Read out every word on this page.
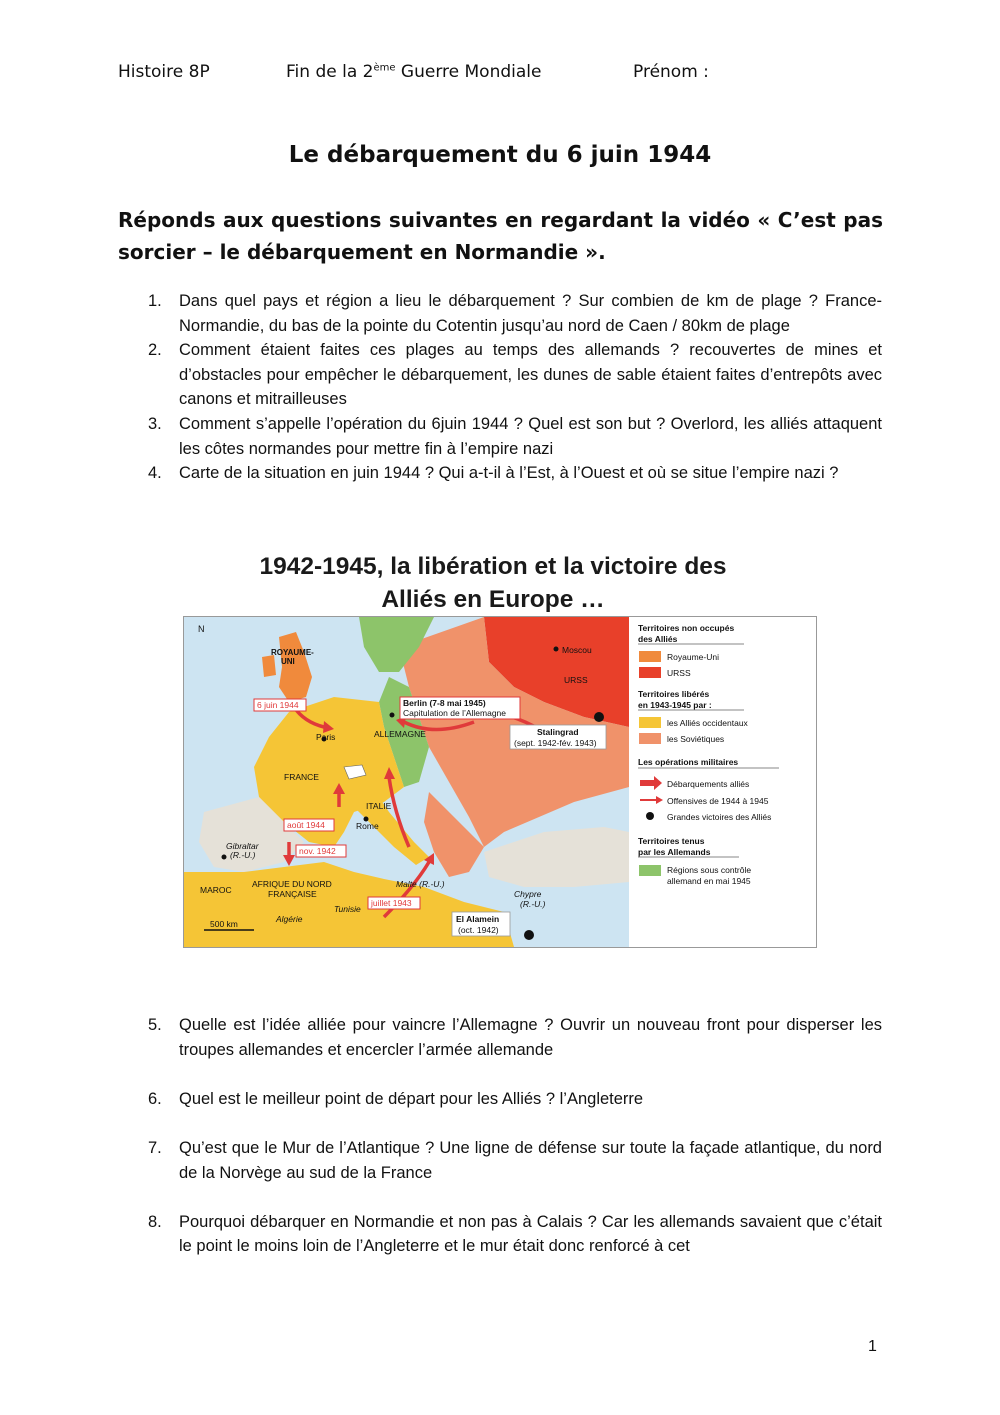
Histoire 8P	Fin de la 2ème Guerre Mondiale	Prénom :
Le débarquement du 6 juin 1944
Réponds aux questions suivantes en regardant la vidéo « C’est pas sorcier – le débarquement en Normandie ».
1. Dans quel pays et région a lieu le débarquement ? Sur combien de km de plage ? France-Normandie, du bas de la pointe du Cotentin jusqu’au nord de Caen / 80km de plage
2. Comment étaient faites ces plages au temps des allemands ? recouvertes de mines et d’obstacles pour empêcher le débarquement, les dunes de sable étaient faites d’entrepôts avec canons et mitrailleuses
3. Comment s’appelle l’opération du 6juin 1944 ? Quel est son but ? Overlord, les alliés attaquent les côtes normandes pour mettre fin à l’empire nazi
4. Carte de la situation en juin 1944 ? Qui a-t-il à l’Est, à l’Ouest et où se situe l’empire nazi ?
1942-1945, la libération et la victoire des
Alliés en Europe …
N
ROYAUME-
UNI
Moscou
URSS
Berlin (7-8 mai 1945)
Capitulation de l’Allemagne
6 juin 1944
Paris	ALLEMAGNE	Stalingrad
(sept. 1942-fév. 1943)
FRANCE
ITALIE
Rome
août 1944
nov. 1942
Gibraltar
(R.-U.)
MAROC
AFRIQUE DU NORD
FRANÇAISE
Algérie
Tunisie
Malte (R.-U.)
juillet 1943
Chypre
(R.-U.)
El Alamein
(oct. 1942)
500 km
Territoires non occupés
des Alliés
Royaume-Uni
URSS
Territoires libérés
en 1943-1945 par :
les Alliés occidentaux
les Soviétiques
Les opérations militaires
Débarquements alliés
Offensives de 1944 à 1945
Grandes victoires des Alliés
Territoires tenus
par les Allemands
Régions sous contrôle
allemand en mai 1945
5. Quelle est l’idée alliée pour vaincre l’Allemagne ? Ouvrir un nouveau front pour disperser les troupes allemandes et encercler l’armée allemande
6. Quel est le meilleur point de départ pour les Alliés ? l’Angleterre
7. Qu’est que le Mur de l’Atlantique ? Une ligne de défense sur toute la façade atlantique, du nord de la Norvège au sud de la France
8. Pourquoi débarquer en Normandie et non pas à Calais ? Car les allemands savaient que c’était le point le moins loin de l’Angleterre et le mur était donc renforcé à cet
1
